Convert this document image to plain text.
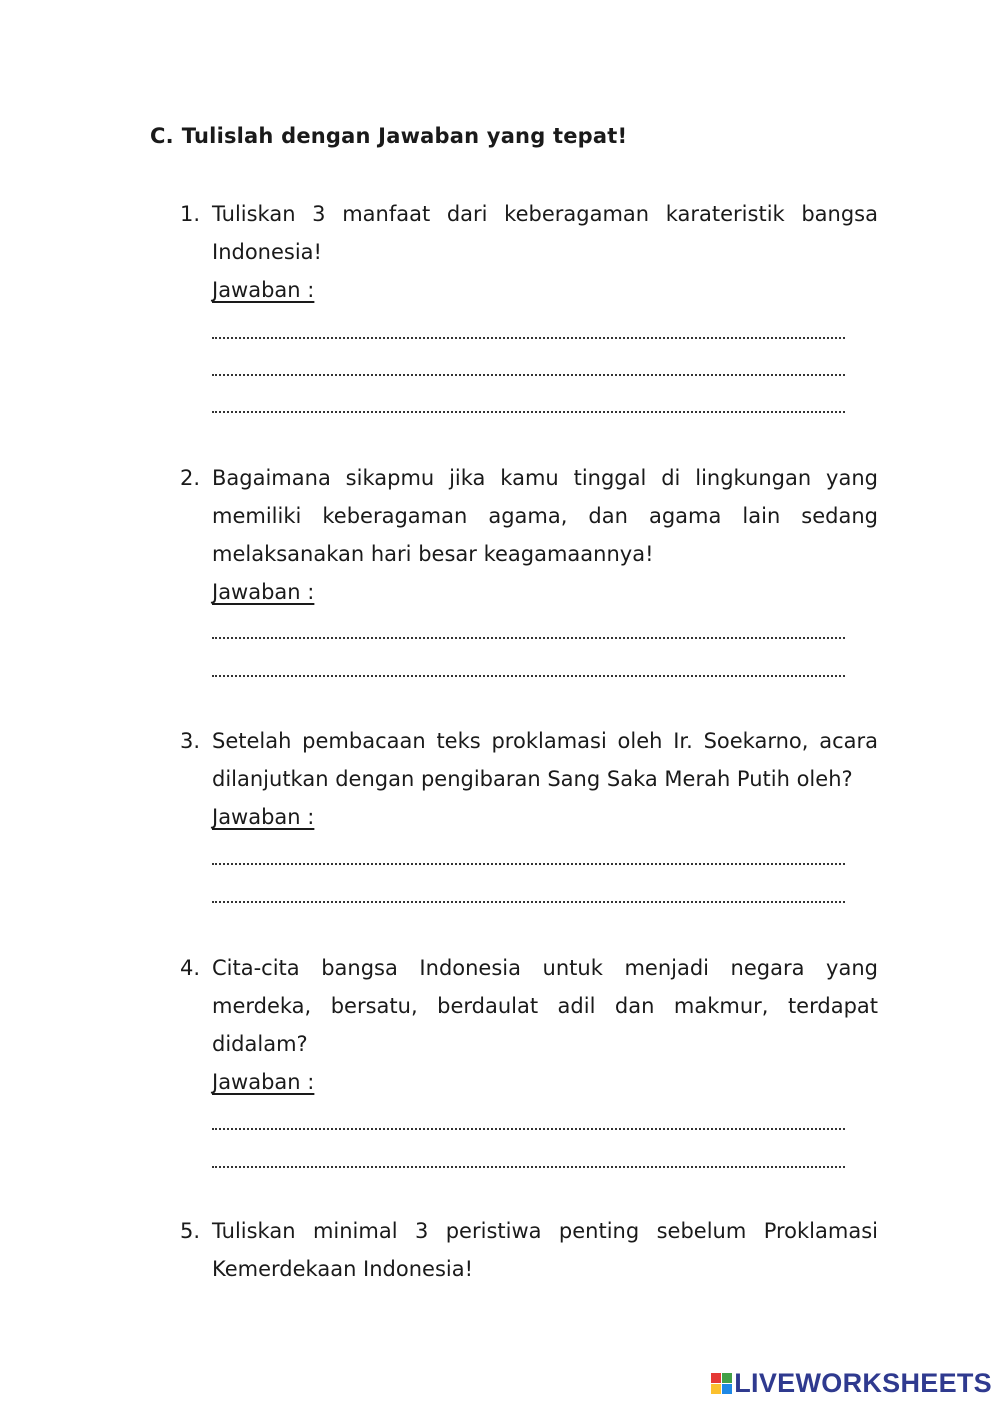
C. Tulislah dengan Jawaban yang tepat!
1. Tuliskan 3 manfaat dari keberagaman karateristik bangsa Indonesia!
Jawaban :
2. Bagaimana sikapmu jika kamu tinggal di lingkungan yang memiliki keberagaman agama, dan agama lain sedang melaksanakan hari besar keagamaannya!
Jawaban :
3. Setelah pembacaan teks proklamasi oleh Ir. Soekarno, acara dilanjutkan dengan pengibaran Sang Saka Merah Putih oleh?
Jawaban :
4. Cita-cita bangsa Indonesia untuk menjadi negara yang merdeka, bersatu, berdaulat adil dan makmur, terdapat didalam?
Jawaban :
5. Tuliskan minimal 3 peristiwa penting sebelum Proklamasi Kemerdekaan Indonesia!
LIVEWORKSHEETS
